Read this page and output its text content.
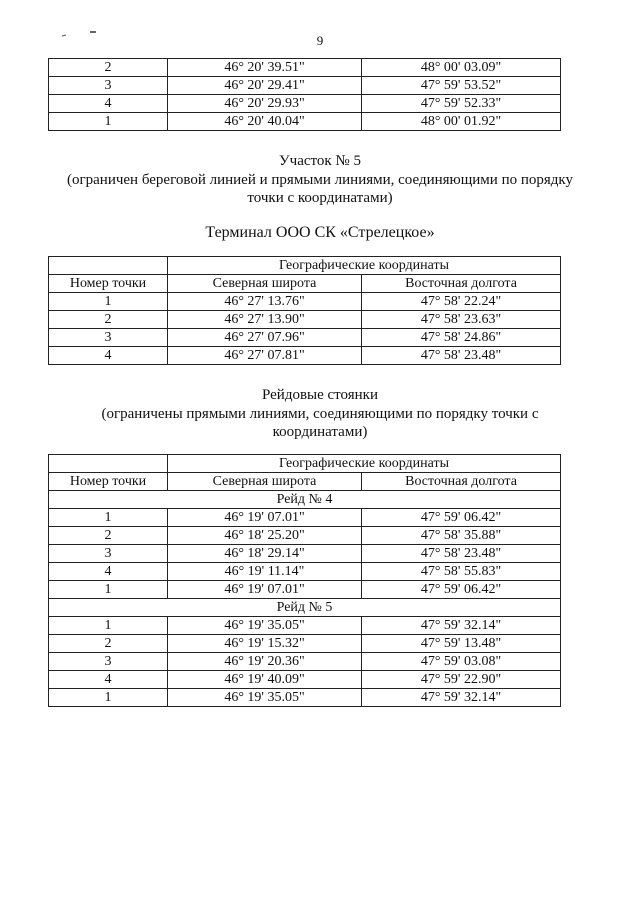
9
2	46° 20' 39.51"	48° 00' 03.09"
3	46° 20' 29.41"	47° 59' 53.52"
4	46° 20' 29.93"	47° 59' 52.33"
1	46° 20' 40.04"	48° 00' 01.92"
Участок № 5
(ограничен береговой линией и прямыми линиями, соединяющими по порядку
точки с координатами)
Терминал ООО СК «Стрелецкое»
	Географические координаты	
Номер точки	Северная широта	Восточная долгота
1	46° 27' 13.76"	47° 58' 22.24"
2	46° 27' 13.90"	47° 58' 23.63"
3	46° 27' 07.96"	47° 58' 24.86"
4	46° 27' 07.81"	47° 58' 23.48"
Рейдовые стоянки
(ограничены прямыми линиями, соединяющими по порядку точки с
координатами)
	Географические координаты	
Номер точки	Северная широта	Восточная долгота
Рейд № 4		
1	46° 19' 07.01"	47° 59' 06.42"
2	46° 18' 25.20"	47° 58' 35.88"
3	46° 18' 29.14"	47° 58' 23.48"
4	46° 19' 11.14"	47° 58' 55.83"
1	46° 19' 07.01"	47° 59' 06.42"
Рейд № 5		
1	46° 19' 35.05"	47° 59' 32.14"
2	46° 19' 15.32"	47° 59' 13.48"
3	46° 19' 20.36"	47° 59' 03.08"
4	46° 19' 40.09"	47° 59' 22.90"
1	46° 19' 35.05"	47° 59' 32.14"
